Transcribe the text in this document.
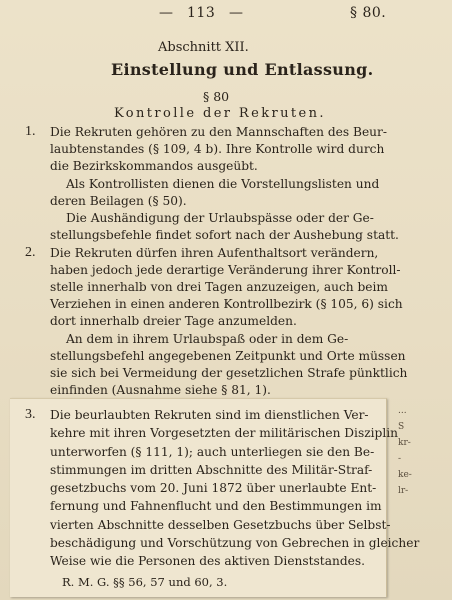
— 113 —	§ 80.
Abschnitt XII.
Einstellung und Entlassung.
§ 80
Kontrolle der Rekruten.
1. Die Rekruten gehören zu den Mannschaften des Beur-
laubtenstandes (§ 109, 4 b). Ihre Kontrolle wird durch
die Bezirkskommandos ausgeübt.
Als Kontrollisten dienen die Vorstellungslisten und
deren Beilagen (§ 50).
Die Aushändigung der Urlaubspässe oder der Ge-
stellungsbefehle findet sofort nach der Aushebung statt.
2. Die Rekruten dürfen ihren Aufenthaltsort verändern,
haben jedoch jede derartige Veränderung ihrer Kontroll-
stelle innerhalb von drei Tagen anzuzeigen, auch beim
Verziehen in einen anderen Kontrollbezirk (§ 105, 6) sich
dort innerhalb dreier Tage anzumelden.
An dem in ihrem Urlaubspaß oder in dem Ge-
stellungsbefehl angegebenen Zeitpunkt und Orte müssen
sie sich bei Vermeidung der gesetzlichen Strafe pünktlich
einfinden (Ausnahme siehe § 81, 1).
3. Die beurlaubten Rekruten sind im dienstlichen Ver-
kehre mit ihren Vorgesetzten der militärischen Disziplin
unterworfen (§ 111, 1); auch unterliegen sie den Be-
stimmungen im dritten Abschnitte des Militär-Straf-
gesetzbuchs vom 20. Juni 1872 über unerlaubte Ent-
fernung und Fahnenflucht und den Bestimmungen im
vierten Abschnitte desselben Gesetzbuchs über Selbst-
beschädigung und Vorschützung von Gebrechen in gleicher
Weise wie die Personen des aktiven Dienststandes.
R. M. G. §§ 56, 57 und 60, 3.
...
S
kr-
-
ke-
lr-
